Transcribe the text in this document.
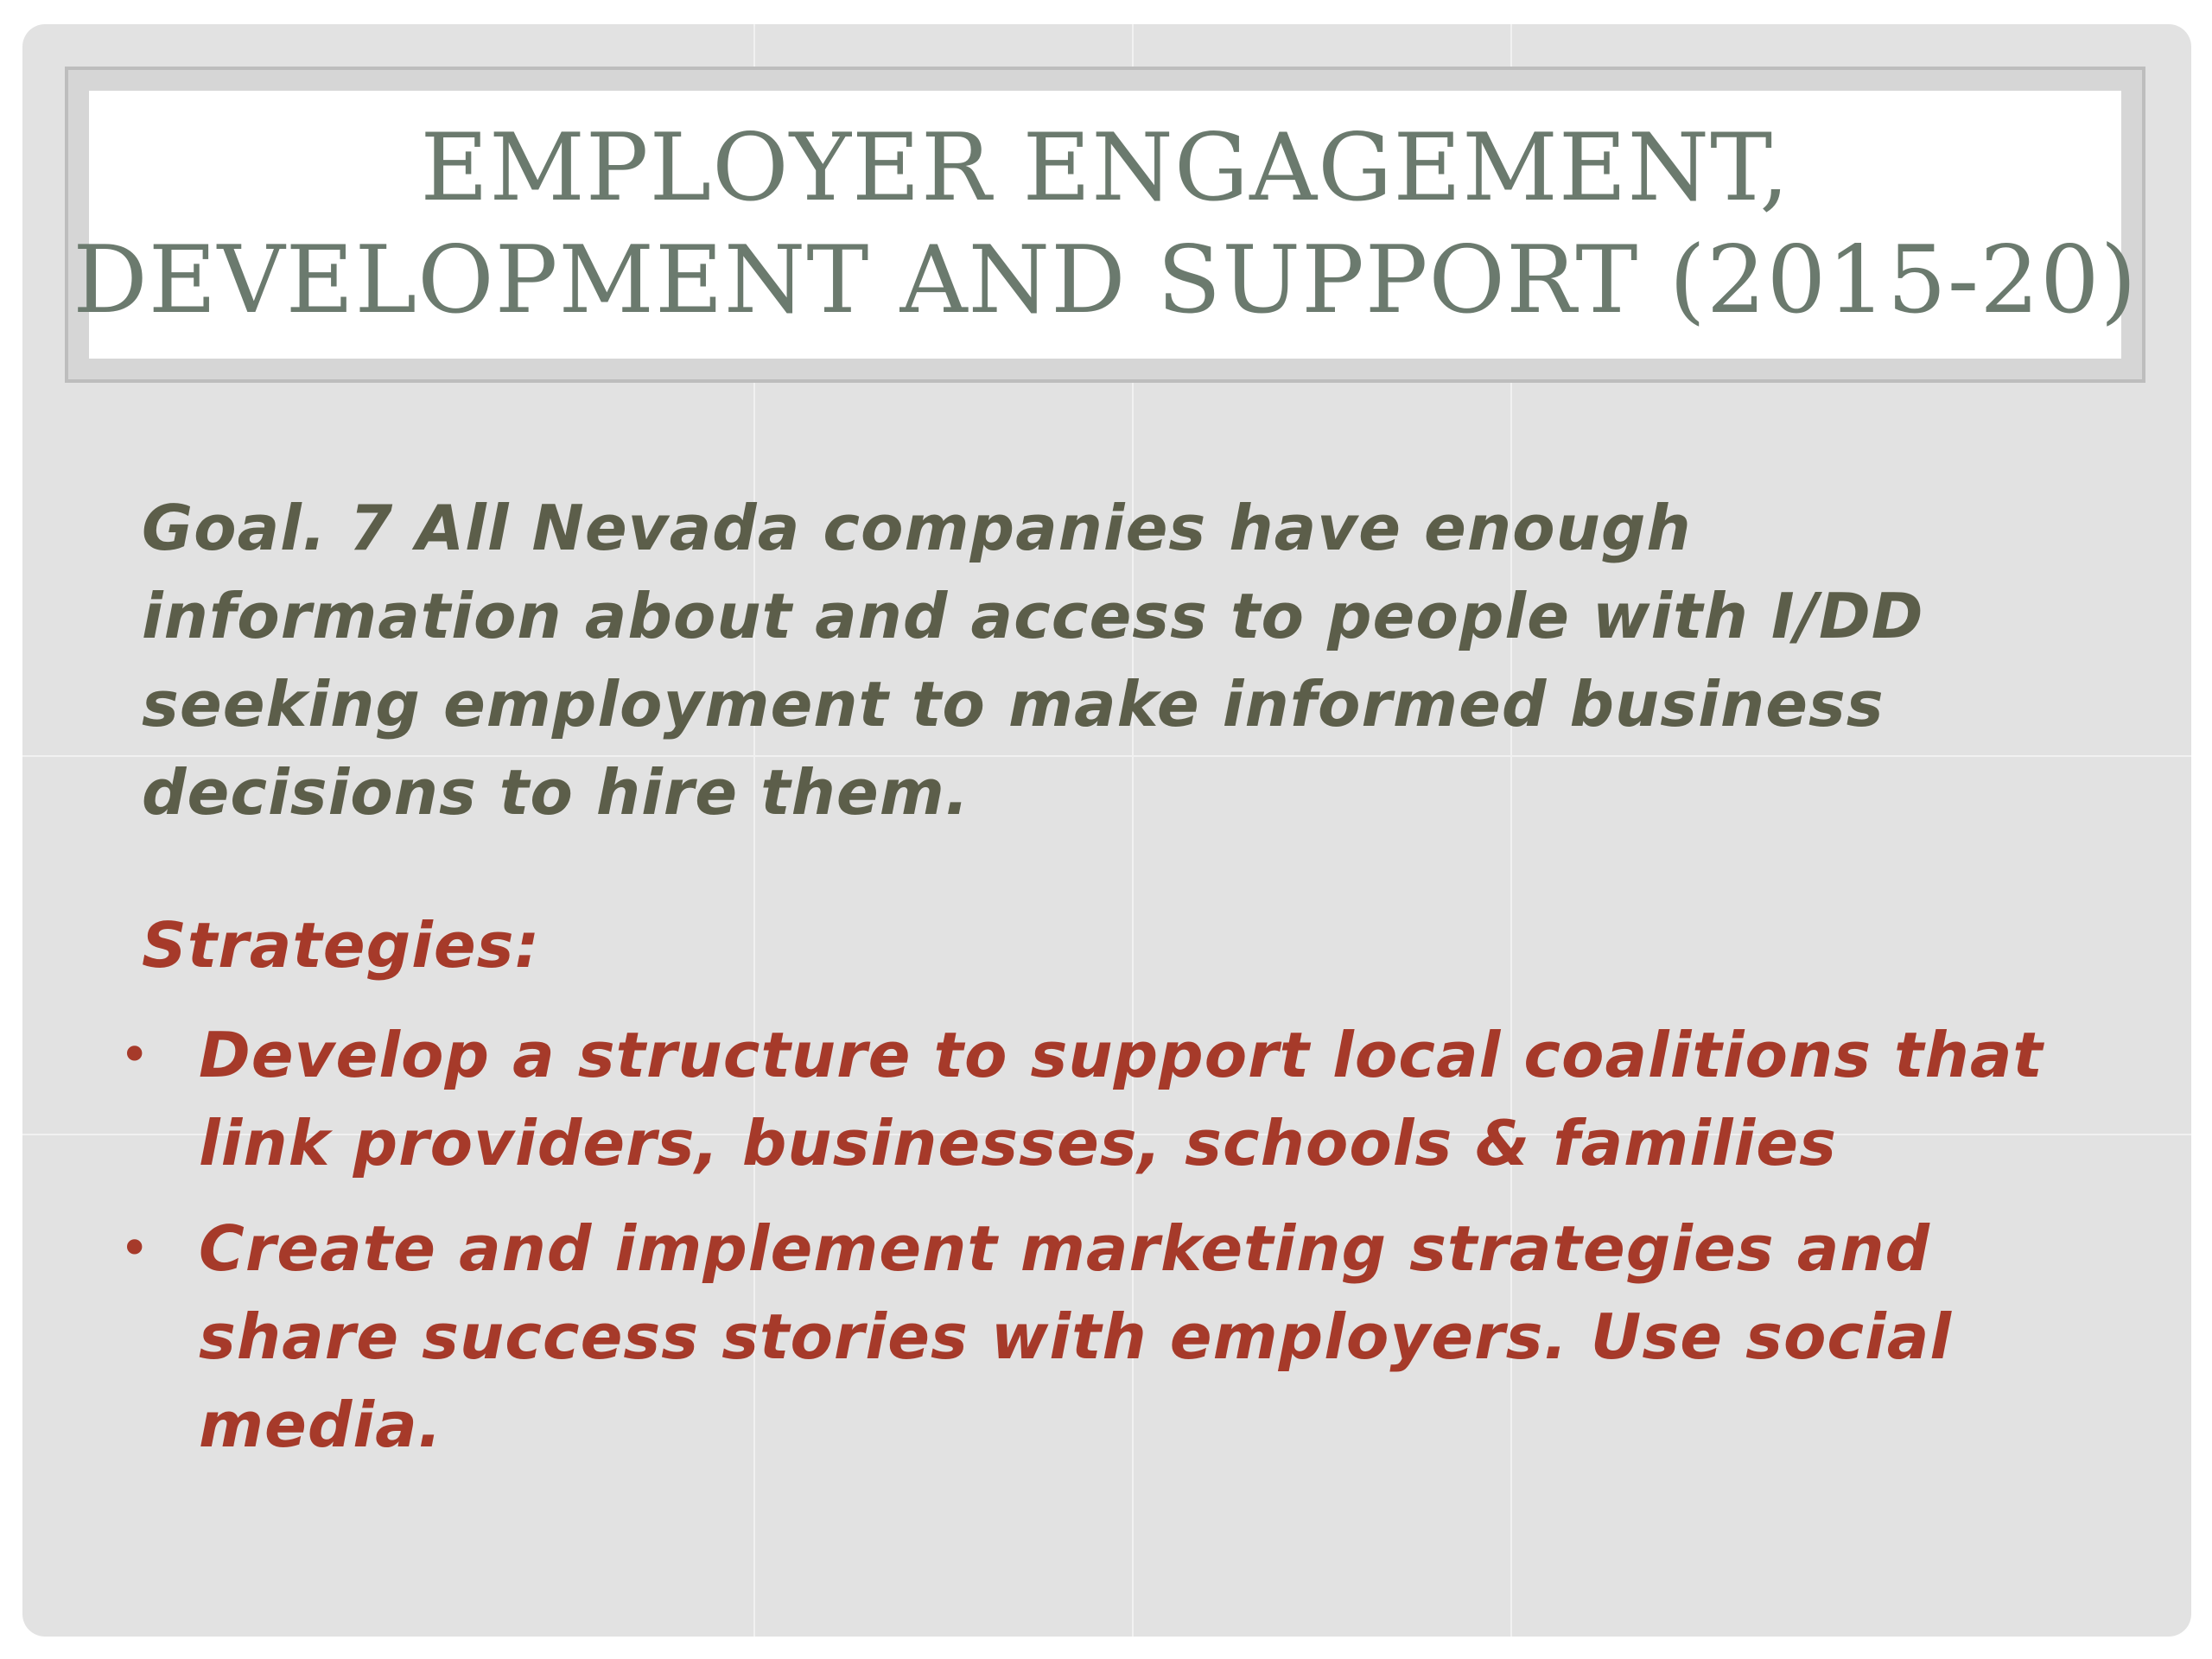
EMPLOYER ENGAGEMENT,
DEVELOPMENT AND SUPPORT (2015-20)
Goal. 7 All Nevada companies have enough information about and access to people with I/DD seeking employment to make informed business decisions to hire them.
Strategies:
• Develop a structure to support local coalitions that link providers, businesses, schools & families
• Create and implement marketing strategies and share success stories with employers. Use social media.
